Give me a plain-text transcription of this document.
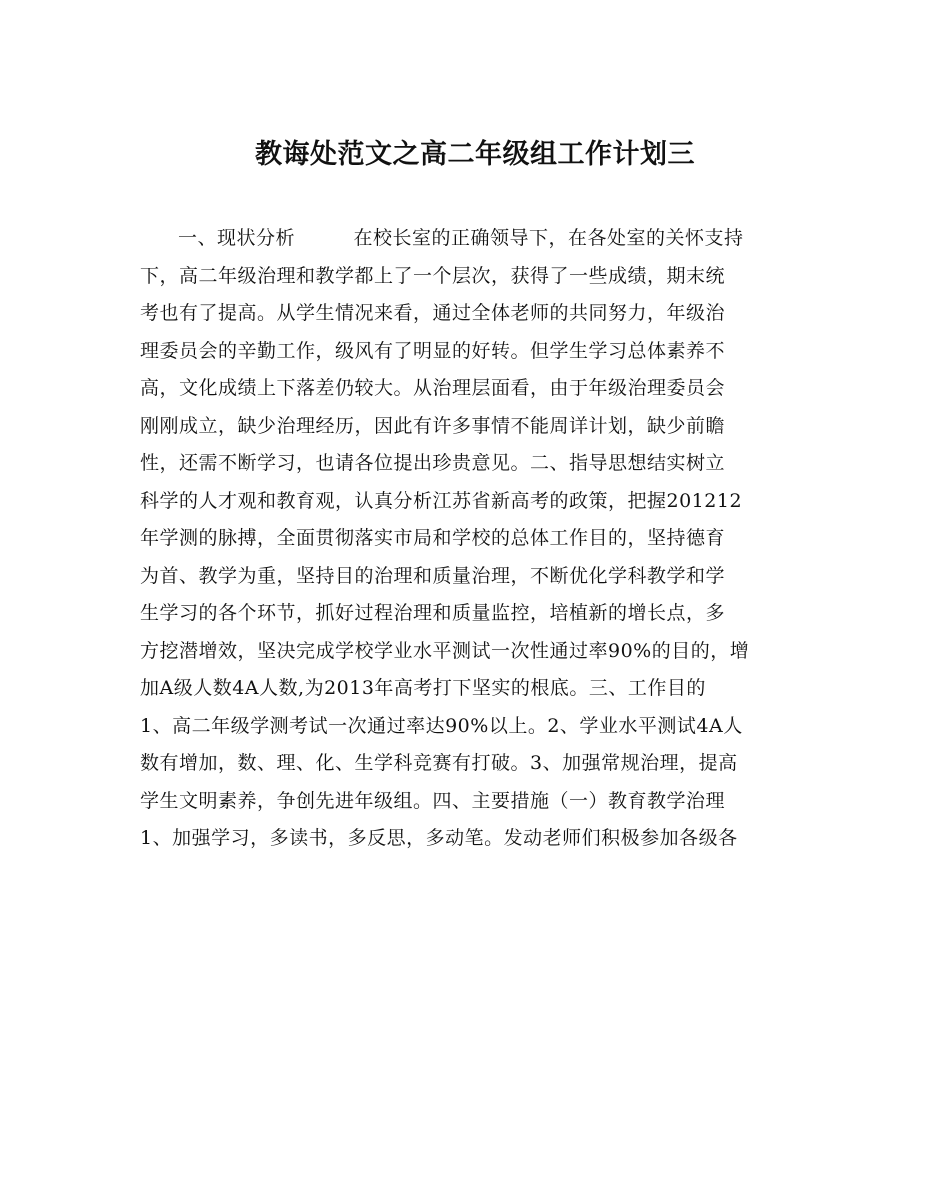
教诲处范文之高二年级组工作计划三
一、现状分析　　　在校长室的正确领导下，在各处室的关怀支持
下，高二年级治理和教学都上了一个层次，获得了一些成绩，期末统
考也有了提高。从学生情况来看，通过全体老师的共同努力，年级治
理委员会的辛勤工作，级风有了明显的好转。但学生学习总体素养不
高，文化成绩上下落差仍较大。从治理层面看，由于年级治理委员会
刚刚成立，缺少治理经历，因此有许多事情不能周详计划，缺少前瞻
性，还需不断学习，也请各位提出珍贵意见。二、指导思想结实树立
科学的人才观和教育观，认真分析江苏省新高考的政策，把握201212
年学测的脉搏，全面贯彻落实市局和学校的总体工作目的，坚持德育
为首、教学为重，坚持目的治理和质量治理，不断优化学科教学和学
生学习的各个环节，抓好过程治理和质量监控，培植新的增长点，多
方挖潜增效，坚决完成学校学业水平测试一次性通过率90%的目的，增
加A级人数4A人数,为2013年高考打下坚实的根底。三、工作目的
1、高二年级学测考试一次通过率达90%以上。2、学业水平测试4A人
数有增加，数、理、化、生学科竞赛有打破。3、加强常规治理，提高
学生文明素养，争创先进年级组。四、主要措施（一）教育教学治理
1、加强学习，多读书，多反思，多动笔。发动老师们积极参加各级各
